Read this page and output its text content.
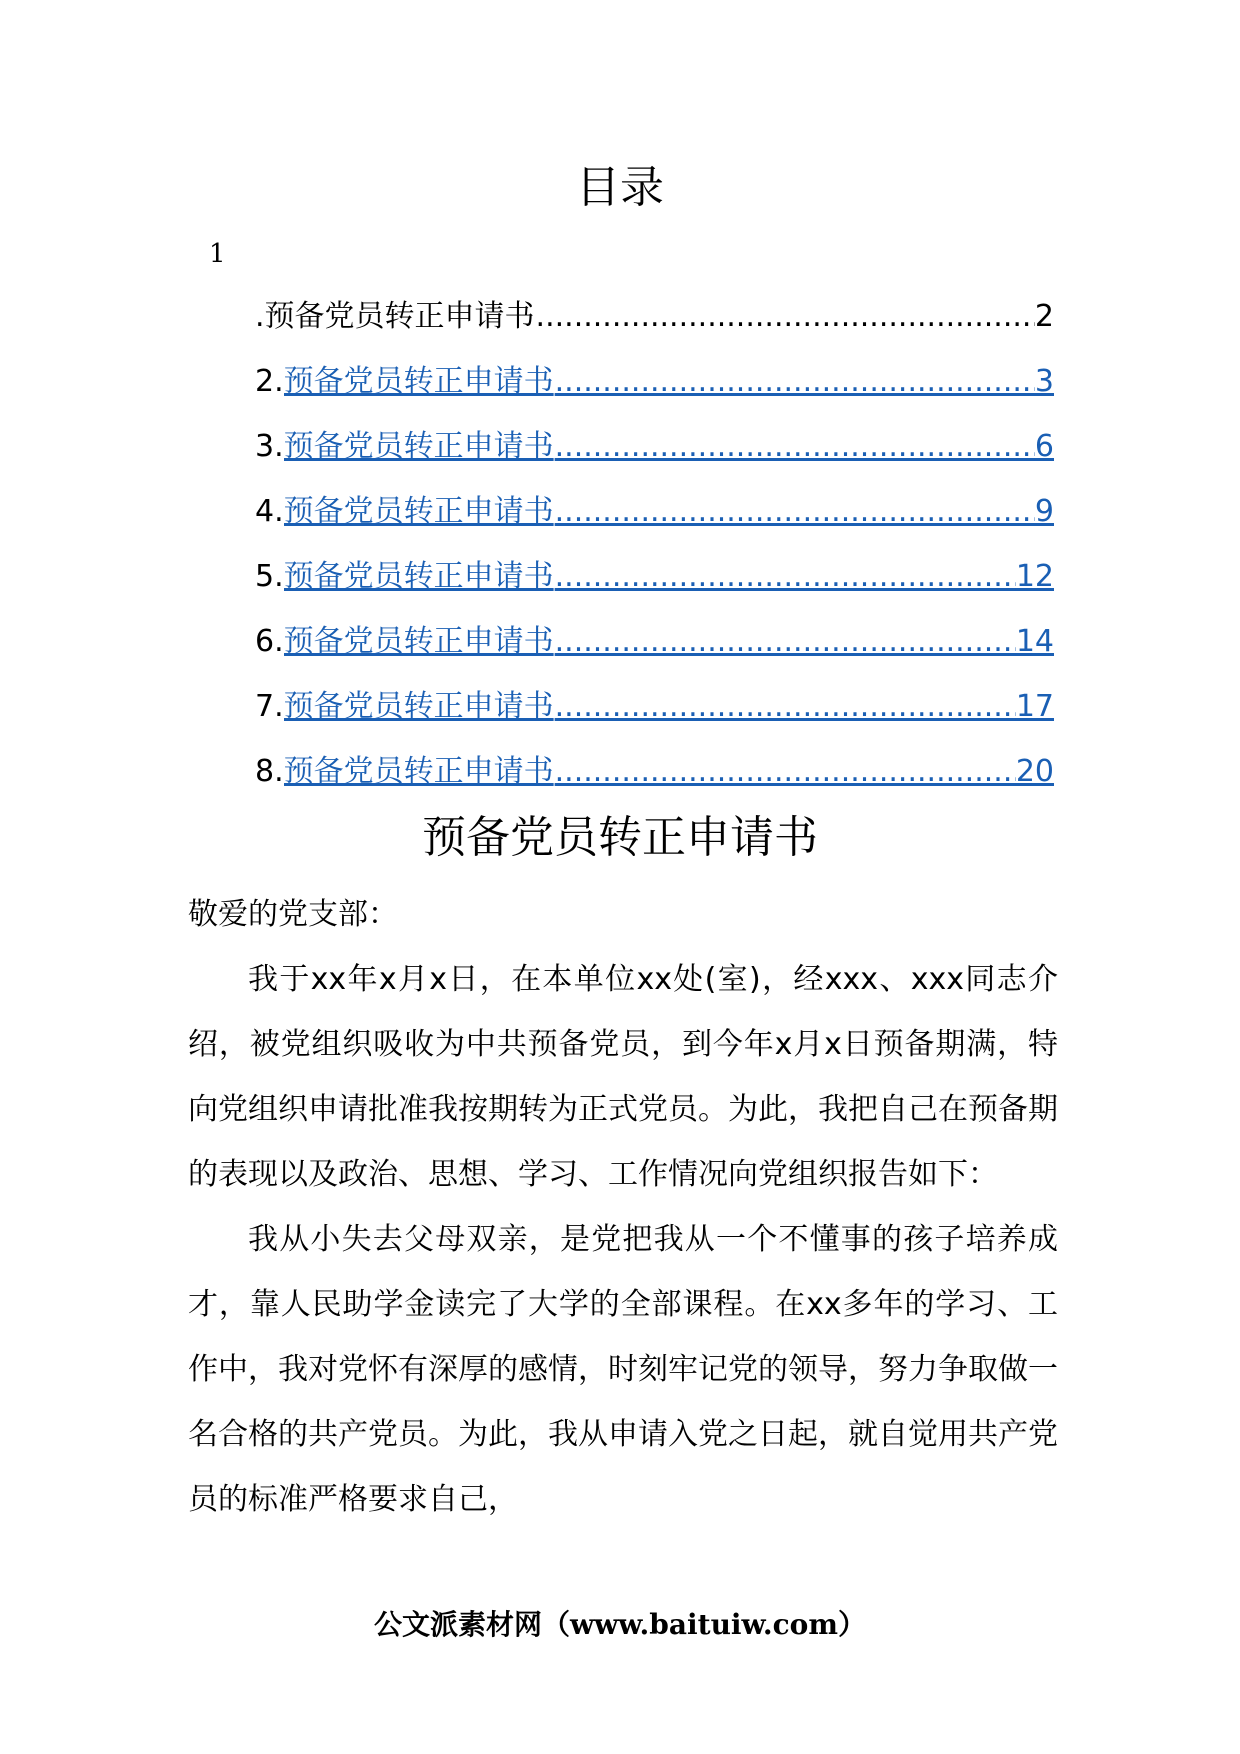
目录
1
.预备党员转正申请书 .....	2
2. 预备党员转正申请书 .....	3
3. 预备党员转正申请书 .....	6
4. 预备党员转正申请书 .....	9
5. 预备党员转正申请书 .....	12
6. 预备党员转正申请书 .....	14
7. 预备党员转正申请书 .....	17
8. 预备党员转正申请书 .....	20
预备党员转正申请书

敬爱的党支部：

我于xx年x月x日，在本单位xx处(室)，经xxx、xxx同志介绍，被党组织吸收为中共预备党员，到今年x月x日预备期满，特向党组织申请批准我按期转为正式党员。为此，我把自己在预备期的表现以及政治、思想、学习、工作情况向党组织报告如下：

我从小失去父母双亲，是党把我从一个不懂事的孩子培养成才，靠人民助学金读完了大学的全部课程。在xx多年的学习、工作中，我对党怀有深厚的感情，时刻牢记党的领导，努力争取做一名合格的共产党员。为此，我从申请入党之日起，就自觉用共产党员的标准严格要求自己，

公文派素材网（www.baituiw.com）
